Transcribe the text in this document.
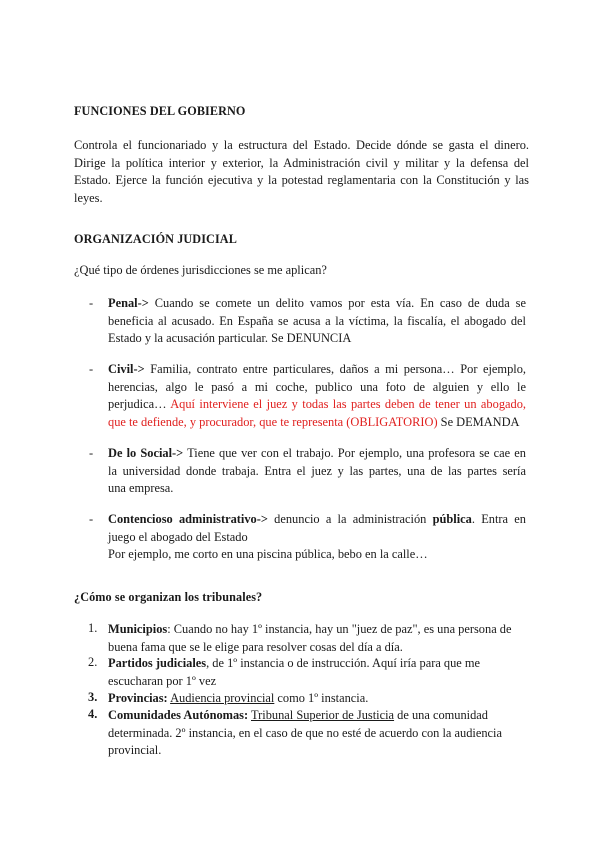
FUNCIONES DEL GOBIERNO
Controla el funcionariado y la estructura del Estado. Decide dónde se gasta el dinero.
Dirige la política interior y exterior, la Administración civil y militar y la defensa del
Estado. Ejerce la función ejecutiva y la potestad reglamentaria con la Constitución y las
leyes.
ORGANIZACIÓN JUDICIAL
¿Qué tipo de órdenes jurisdicciones se me aplican?
- Penal-> Cuando se comete un delito vamos por esta vía. En caso de duda se
beneficia al acusado. En España se acusa a la víctima, la fiscalía, el abogado del
Estado y la acusación particular. Se DENUNCIA
- Civil-> Familia, contrato entre particulares, daños a mi persona… Por ejemplo,
herencias, algo le pasó a mi coche, publico una foto de alguien y ello le
perjudica… Aquí interviene el juez y todas las partes deben de tener un abogado,
que te defiende, y procurador, que te representa (OBLIGATORIO) Se DEMANDA
- De lo Social-> Tiene que ver con el trabajo. Por ejemplo, una profesora se cae en
la universidad donde trabaja. Entra el juez y las partes, una de las partes sería
una empresa.
- Contencioso administrativo-> denuncio a la administración pública. Entra en
juego el abogado del Estado
Por ejemplo, me corto en una piscina pública, bebo en la calle…
¿Cómo se organizan los tribunales?
1. Municipios: Cuando no hay 1º instancia, hay un "juez de paz", es una persona de
buena fama que se le elige para resolver cosas del día a día.
2. Partidos judiciales, de 1º instancia o de instrucción. Aquí iría para que me
escucharan por 1º vez
3. Provincias: Audiencia provincial como 1º instancia.
4. Comunidades Autónomas: Tribunal Superior de Justicia de una comunidad
determinada. 2º instancia, en el caso de que no esté de acuerdo con la audiencia
provincial.
